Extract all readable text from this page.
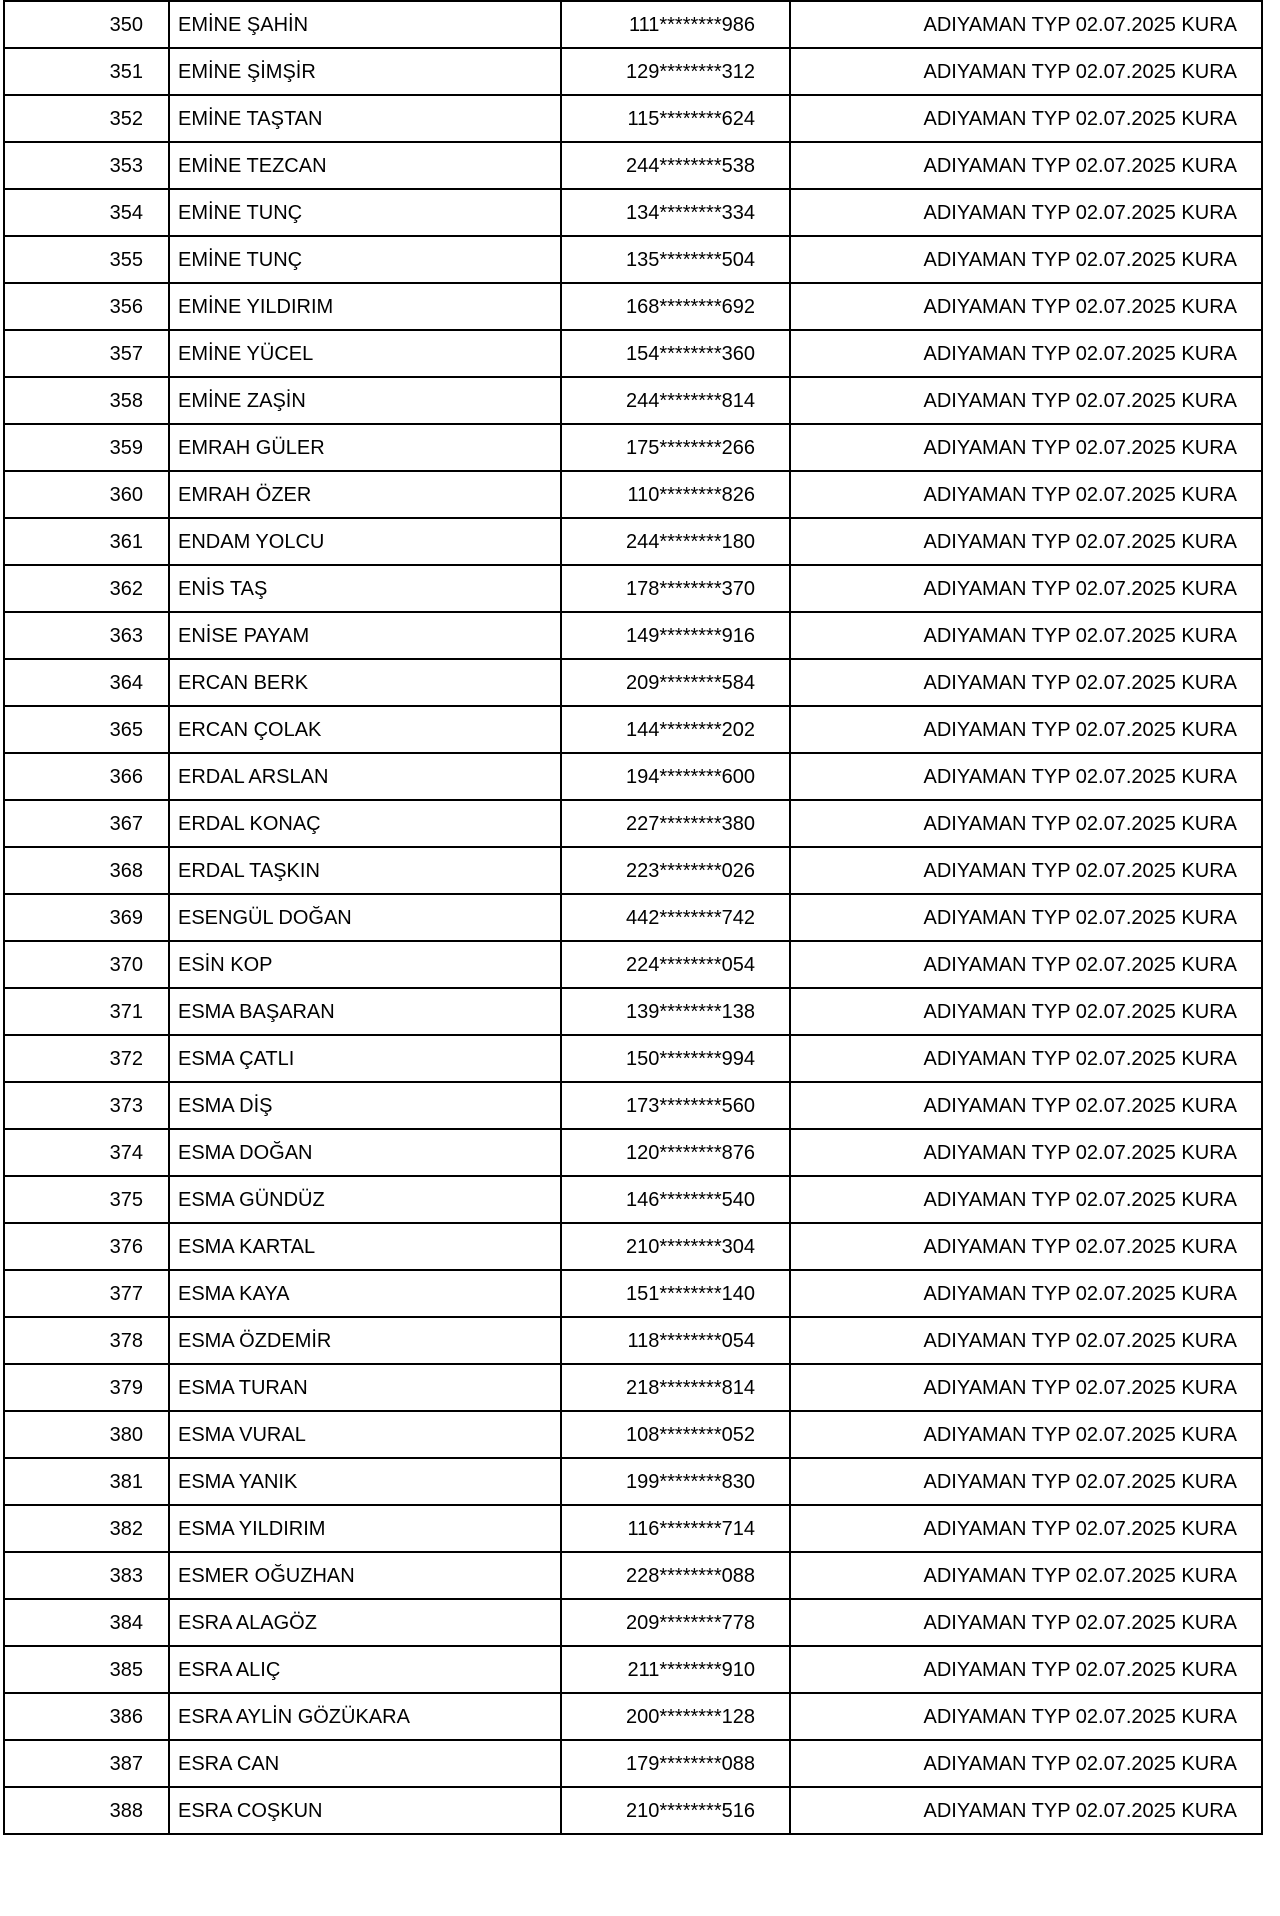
350	EMİNE ŞAHİN	111********986	ADIYAMAN TYP 02.07.2025 KURA
351	EMİNE ŞİMŞİR	129********312	ADIYAMAN TYP 02.07.2025 KURA
352	EMİNE TAŞTAN	115********624	ADIYAMAN TYP 02.07.2025 KURA
353	EMİNE TEZCAN	244********538	ADIYAMAN TYP 02.07.2025 KURA
354	EMİNE TUNÇ	134********334	ADIYAMAN TYP 02.07.2025 KURA
355	EMİNE TUNÇ	135********504	ADIYAMAN TYP 02.07.2025 KURA
356	EMİNE YILDIRIM	168********692	ADIYAMAN TYP 02.07.2025 KURA
357	EMİNE YÜCEL	154********360	ADIYAMAN TYP 02.07.2025 KURA
358	EMİNE ZAŞİN	244********814	ADIYAMAN TYP 02.07.2025 KURA
359	EMRAH GÜLER	175********266	ADIYAMAN TYP 02.07.2025 KURA
360	EMRAH ÖZER	110********826	ADIYAMAN TYP 02.07.2025 KURA
361	ENDAM YOLCU	244********180	ADIYAMAN TYP 02.07.2025 KURA
362	ENİS TAŞ	178********370	ADIYAMAN TYP 02.07.2025 KURA
363	ENİSE PAYAM	149********916	ADIYAMAN TYP 02.07.2025 KURA
364	ERCAN BERK	209********584	ADIYAMAN TYP 02.07.2025 KURA
365	ERCAN ÇOLAK	144********202	ADIYAMAN TYP 02.07.2025 KURA
366	ERDAL ARSLAN	194********600	ADIYAMAN TYP 02.07.2025 KURA
367	ERDAL KONAÇ	227********380	ADIYAMAN TYP 02.07.2025 KURA
368	ERDAL TAŞKIN	223********026	ADIYAMAN TYP 02.07.2025 KURA
369	ESENGÜL DOĞAN	442********742	ADIYAMAN TYP 02.07.2025 KURA
370	ESİN KOP	224********054	ADIYAMAN TYP 02.07.2025 KURA
371	ESMA BAŞARAN	139********138	ADIYAMAN TYP 02.07.2025 KURA
372	ESMA ÇATLI	150********994	ADIYAMAN TYP 02.07.2025 KURA
373	ESMA DİŞ	173********560	ADIYAMAN TYP 02.07.2025 KURA
374	ESMA DOĞAN	120********876	ADIYAMAN TYP 02.07.2025 KURA
375	ESMA GÜNDÜZ	146********540	ADIYAMAN TYP 02.07.2025 KURA
376	ESMA KARTAL	210********304	ADIYAMAN TYP 02.07.2025 KURA
377	ESMA KAYA	151********140	ADIYAMAN TYP 02.07.2025 KURA
378	ESMA ÖZDEMİR	118********054	ADIYAMAN TYP 02.07.2025 KURA
379	ESMA TURAN	218********814	ADIYAMAN TYP 02.07.2025 KURA
380	ESMA VURAL	108********052	ADIYAMAN TYP 02.07.2025 KURA
381	ESMA YANIK	199********830	ADIYAMAN TYP 02.07.2025 KURA
382	ESMA YILDIRIM	116********714	ADIYAMAN TYP 02.07.2025 KURA
383	ESMER OĞUZHAN	228********088	ADIYAMAN TYP 02.07.2025 KURA
384	ESRA ALAGÖZ	209********778	ADIYAMAN TYP 02.07.2025 KURA
385	ESRA ALIÇ	211********910	ADIYAMAN TYP 02.07.2025 KURA
386	ESRA AYLİN GÖZÜKARA	200********128	ADIYAMAN TYP 02.07.2025 KURA
387	ESRA CAN	179********088	ADIYAMAN TYP 02.07.2025 KURA
388	ESRA COŞKUN	210********516	ADIYAMAN TYP 02.07.2025 KURA
